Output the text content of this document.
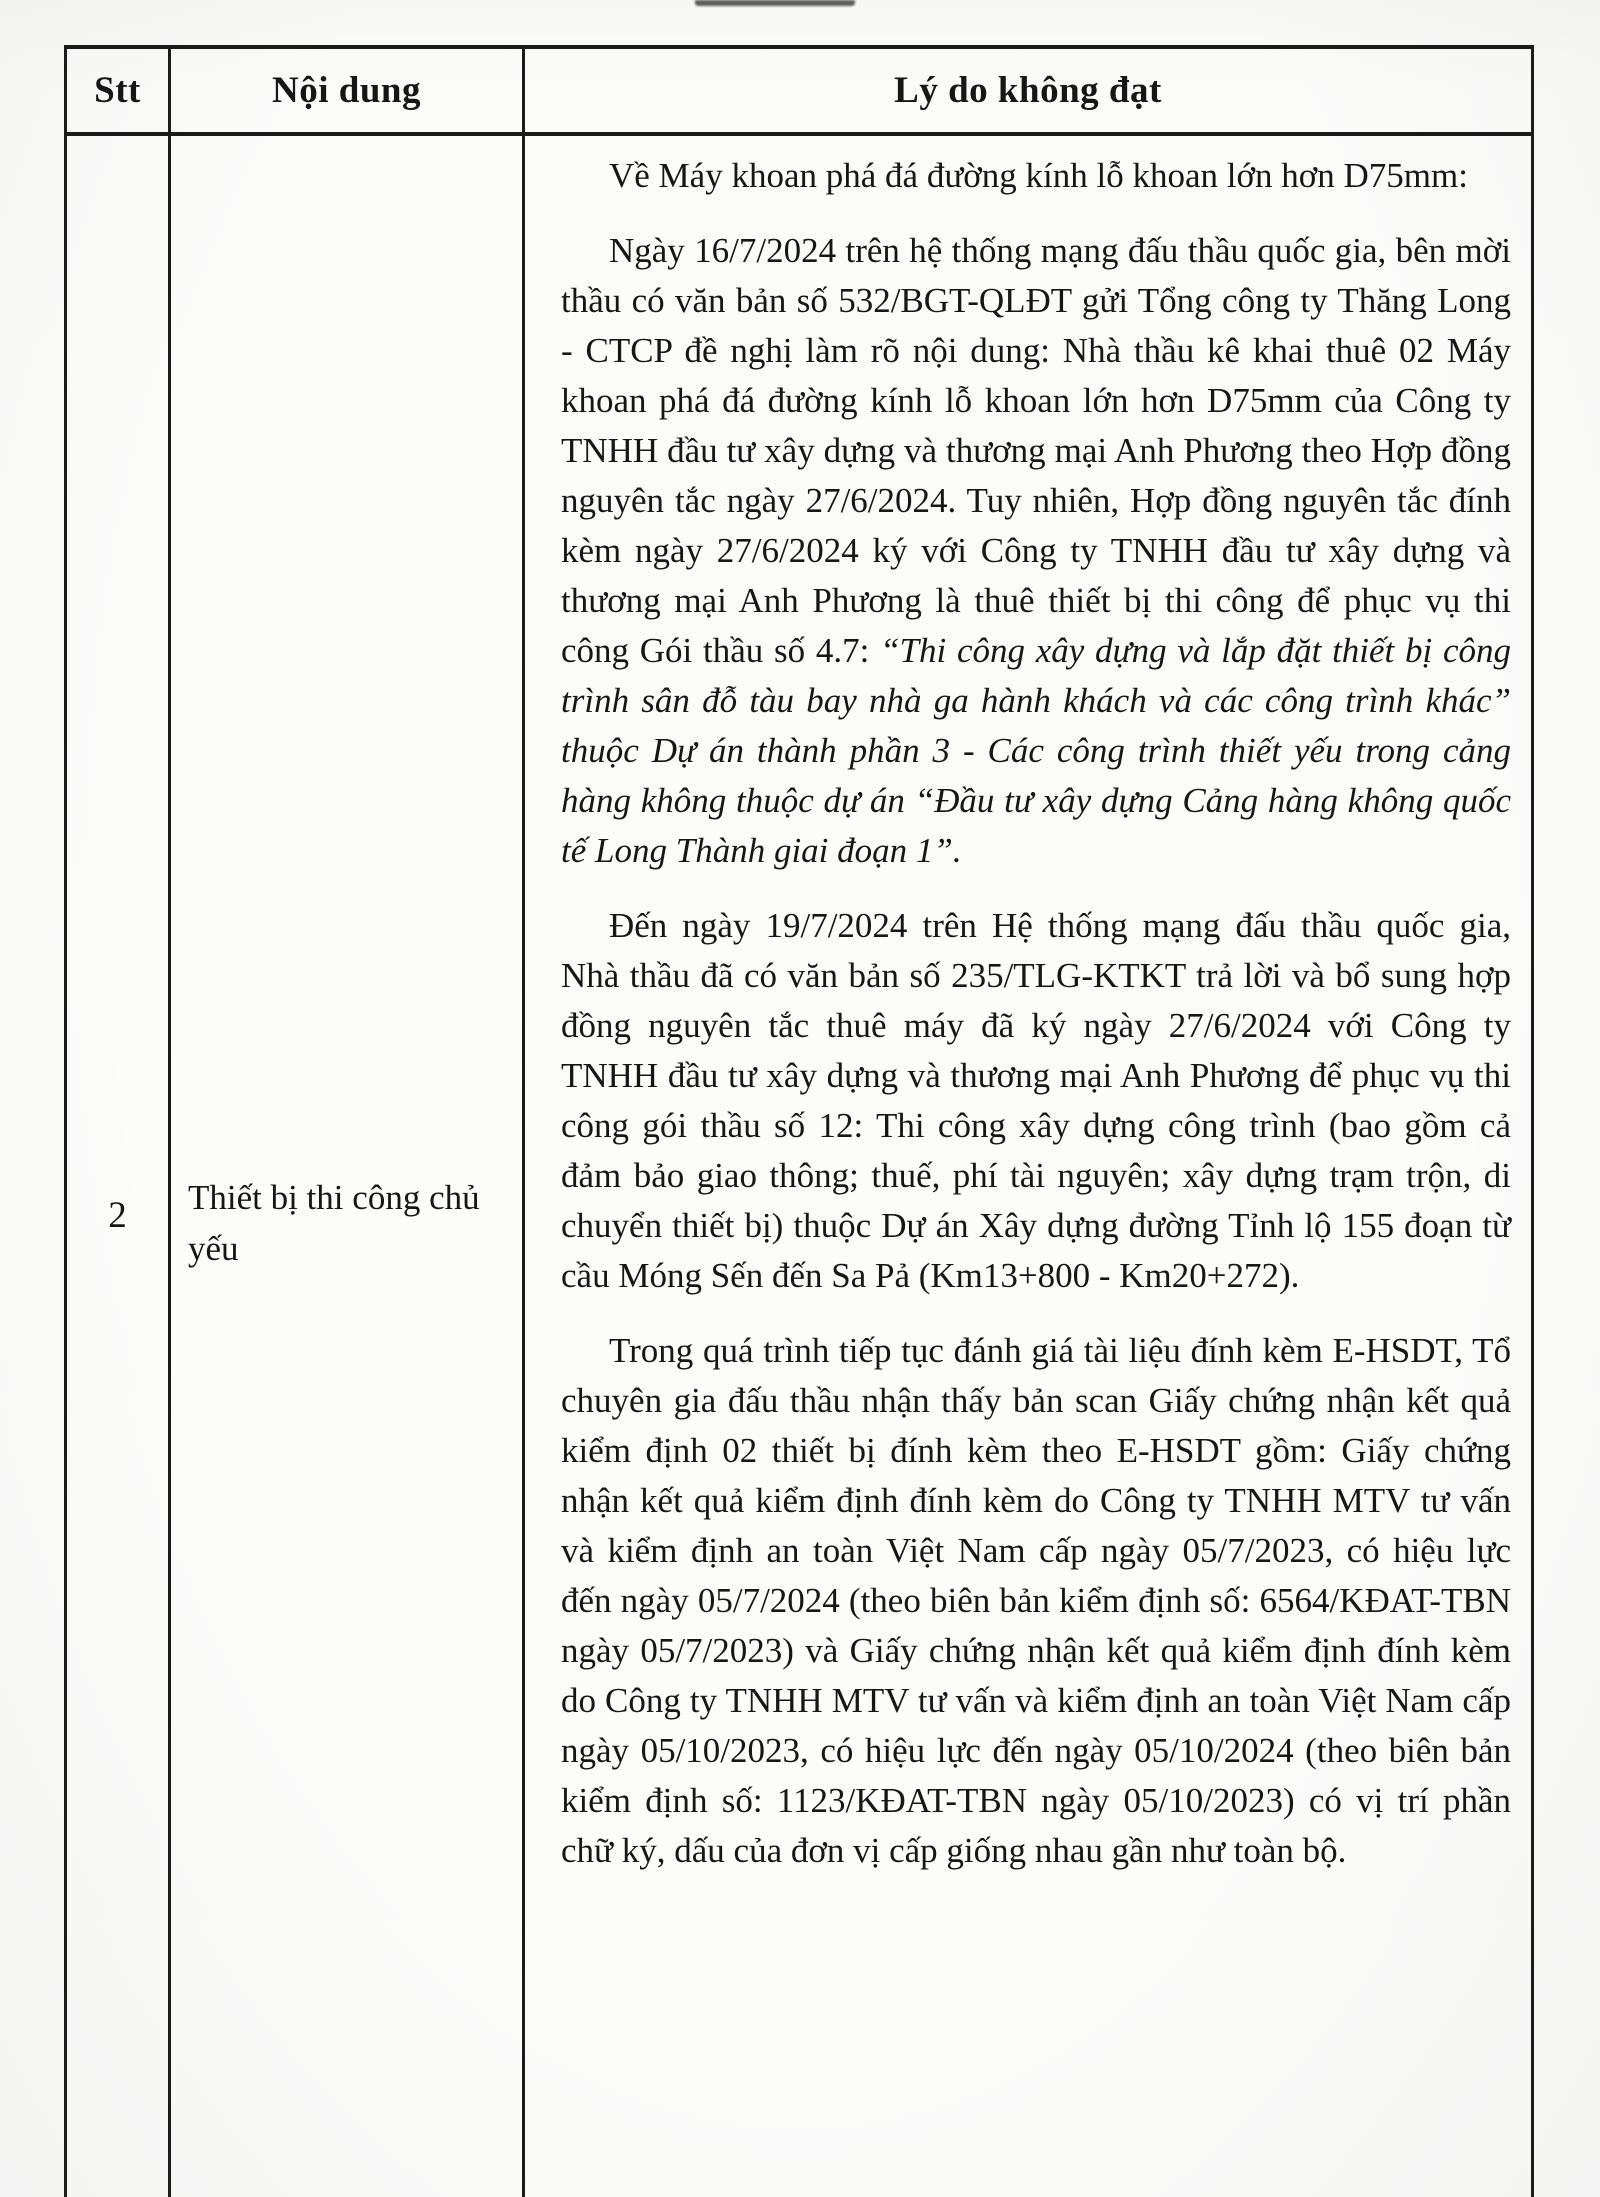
Stt	Nội dung	Lý do không đạt
2	Thiết bị thi công chủ yếu

Về Máy khoan phá đá đường kính lỗ khoan lớn hơn D75mm:

Ngày 16/7/2024 trên hệ thống mạng đấu thầu quốc gia, bên mời thầu có văn bản số 532/BGT-QLĐT gửi Tổng công ty Thăng Long - CTCP đề nghị làm rõ nội dung: Nhà thầu kê khai thuê 02 Máy khoan phá đá đường kính lỗ khoan lớn hơn D75mm của Công ty TNHH đầu tư xây dựng và thương mại Anh Phương theo Hợp đồng nguyên tắc ngày 27/6/2024. Tuy nhiên, Hợp đồng nguyên tắc đính kèm ngày 27/6/2024 ký với Công ty TNHH đầu tư xây dựng và thương mại Anh Phương là thuê thiết bị thi công để phục vụ thi công Gói thầu số 4.7: “Thi công xây dựng và lắp đặt thiết bị công trình sân đỗ tàu bay nhà ga hành khách và các công trình khác” thuộc Dự án thành phần 3 - Các công trình thiết yếu trong cảng hàng không thuộc dự án “Đầu tư xây dựng Cảng hàng không quốc tế Long Thành giai đoạn 1”.

Đến ngày 19/7/2024 trên Hệ thống mạng đấu thầu quốc gia, Nhà thầu đã có văn bản số 235/TLG-KTKT trả lời và bổ sung hợp đồng nguyên tắc thuê máy đã ký ngày 27/6/2024 với Công ty TNHH đầu tư xây dựng và thương mại Anh Phương để phục vụ thi công gói thầu số 12: Thi công xây dựng công trình (bao gồm cả đảm bảo giao thông; thuế, phí tài nguyên; xây dựng trạm trộn, di chuyển thiết bị) thuộc Dự án Xây dựng đường Tỉnh lộ 155 đoạn từ cầu Móng Sến đến Sa Pả (Km13+800 - Km20+272).

Trong quá trình tiếp tục đánh giá tài liệu đính kèm E-HSDT, Tổ chuyên gia đấu thầu nhận thấy bản scan Giấy chứng nhận kết quả kiểm định 02 thiết bị đính kèm theo E-HSDT gồm: Giấy chứng nhận kết quả kiểm định đính kèm do Công ty TNHH MTV tư vấn và kiểm định an toàn Việt Nam cấp ngày 05/7/2023, có hiệu lực đến ngày 05/7/2024 (theo biên bản kiểm định số: 6564/KĐAT-TBN ngày 05/7/2023) và Giấy chứng nhận kết quả kiểm định đính kèm do Công ty TNHH MTV tư vấn và kiểm định an toàn Việt Nam cấp ngày 05/10/2023, có hiệu lực đến ngày 05/10/2024 (theo biên bản kiểm định số: 1123/KĐAT-TBN ngày 05/10/2023) có vị trí phần chữ ký, dấu của đơn vị cấp giống nhau gần như toàn bộ.
